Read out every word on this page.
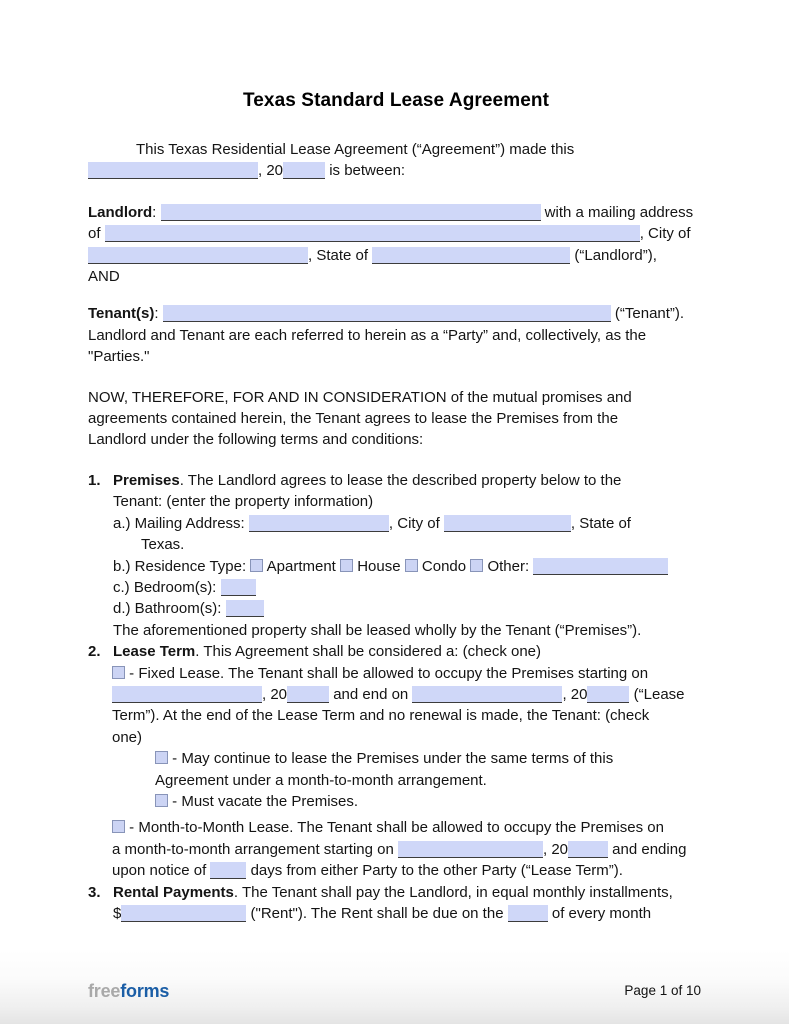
Texas Standard Lease Agreement
This Texas Residential Lease Agreement (“Agreement”) made this
, 20	is between:
Landlord:	with a mailing address
of	, City of
, State of	(“Landlord”),
AND
Tenant(s):	(“Tenant”).
Landlord and Tenant are each referred to herein as a “Party” and, collectively, as the
"Parties."
NOW, THEREFORE, FOR AND IN CONSIDERATION of the mutual promises and
agreements contained herein, the Tenant agrees to lease the Premises from the
Landlord under the following terms and conditions:
1. Premises. The Landlord agrees to lease the described property below to the
Tenant: (enter the property information)
a.) Mailing Address:	, City of	, State of
Texas.
b.) Residence Type:  Apartment  House  Condo  Other:
c.) Bedroom(s):
d.) Bathroom(s):
The aforementioned property shall be leased wholly by the Tenant (“Premises”).
2. Lease Term. This Agreement shall be considered a: (check one)
- Fixed Lease. The Tenant shall be allowed to occupy the Premises starting on
, 20	and end on	, 20	(“Lease
Term”). At the end of the Lease Term and no renewal is made, the Tenant: (check
one)
- May continue to lease the Premises under the same terms of this
Agreement under a month-to-month arrangement.
- Must vacate the Premises.
- Month-to-Month Lease. The Tenant shall be allowed to occupy the Premises on
a month-to-month arrangement starting on	, 20	and ending
upon notice of  days from either Party to the other Party (“Lease Term”).
3. Rental Payments. The Tenant shall pay the Landlord, in equal monthly installments,
$	("Rent"). The Rent shall be due on the	of every month
freeforms	Page 1 of 10
